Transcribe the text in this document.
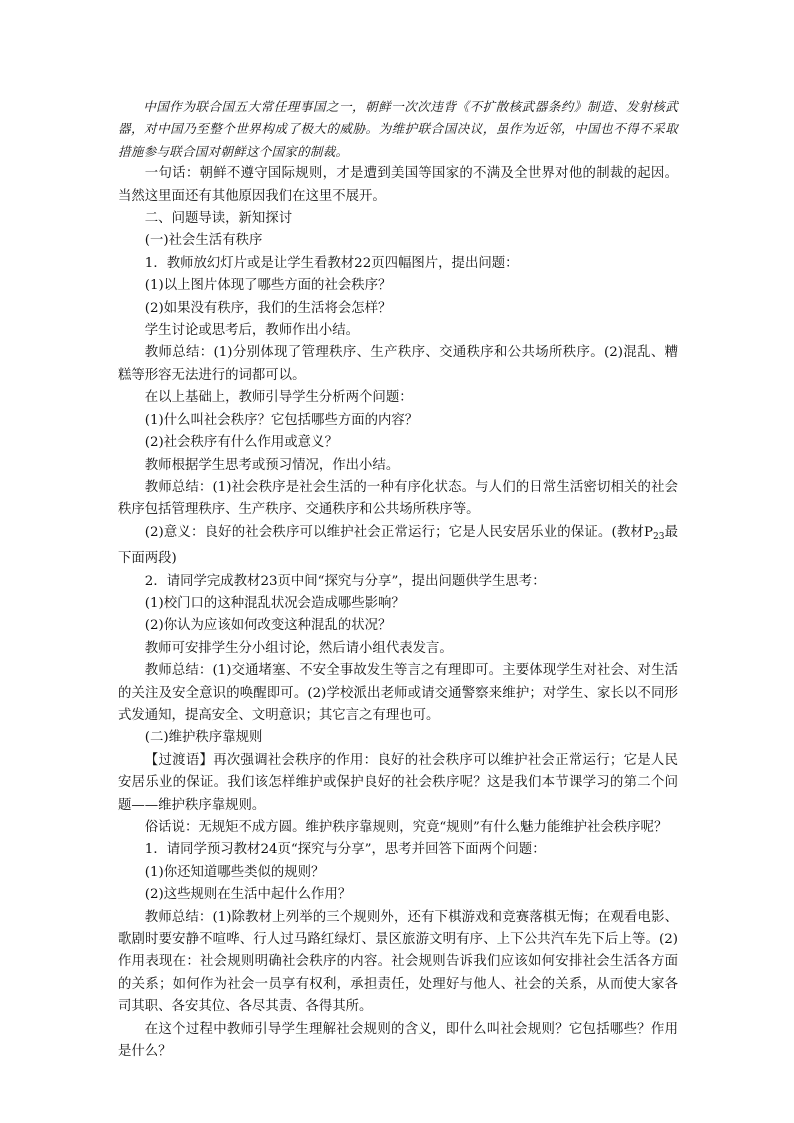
中国作为联合国五大常任理事国之一，朝鲜一次次违背《不扩散核武器条约》制造、发射核武器，对中国乃至整个世界构成了极大的威胁。为维护联合国决议，虽作为近邻，中国也不得不采取措施参与联合国对朝鲜这个国家的制裁。

一句话：朝鲜不遵守国际规则，才是遭到美国等国家的不满及全世界对他的制裁的起因。当然这里面还有其他原因我们在这里不展开。

二、问题导读，新知探讨

(一)社会生活有秩序

1．教师放幻灯片或是让学生看教材22页四幅图片，提出问题：

(1)以上图片体现了哪些方面的社会秩序？

(2)如果没有秩序，我们的生活将会怎样？

学生讨论或思考后，教师作出小结。

教师总结：(1)分别体现了管理秩序、生产秩序、交通秩序和公共场所秩序。(2)混乱、糟糕等形容无法进行的词都可以。

在以上基础上，教师引导学生分析两个问题：

(1)什么叫社会秩序？它包括哪些方面的内容？

(2)社会秩序有什么作用或意义？

教师根据学生思考或预习情况，作出小结。

教师总结：(1)社会秩序是社会生活的一种有序化状态。与人们的日常生活密切相关的社会秩序包括管理秩序、生产秩序、交通秩序和公共场所秩序等。

(2)意义：良好的社会秩序可以维护社会正常运行；它是人民安居乐业的保证。(教材$P_{23}$最下面两段)

2．请同学完成教材23页中间“探究与分享”，提出问题供学生思考：

(1)校门口的这种混乱状况会造成哪些影响？

(2)你认为应该如何改变这种混乱的状况？

教师可安排学生分小组讨论，然后请小组代表发言。

教师总结：(1)交通堵塞、不安全事故发生等言之有理即可。主要体现学生对社会、对生活的关注及安全意识的唤醒即可。(2)学校派出老师或请交通警察来维护；对学生、家长以不同形式发通知，提高安全、文明意识；其它言之有理也可。

(二)维护秩序靠规则

【过渡语】再次强调社会秩序的作用：良好的社会秩序可以维护社会正常运行；它是人民安居乐业的保证。我们该怎样维护或保护良好的社会秩序呢？这是我们本节课学习的第二个问题——维护秩序靠规则。

俗话说：无规矩不成方圆。维护秩序靠规则，究竟“规则”有什么魅力能维护社会秩序呢？

1．请同学预习教材24页“探究与分享”，思考并回答下面两个问题：

(1)你还知道哪些类似的规则？

(2)这些规则在生活中起什么作用？

教师总结：(1)除教材上列举的三个规则外，还有下棋游戏和竞赛落棋无悔；在观看电影、歌剧时要安静不喧哗、行人过马路红绿灯、景区旅游文明有序、上下公共汽车先下后上等。(2)作用表现在：社会规则明确社会秩序的内容。社会规则告诉我们应该如何安排社会生活各方面的关系；如何作为社会一员享有权利，承担责任，处理好与他人、社会的关系，从而使大家各司其职、各安其位、各尽其责、各得其所。

在这个过程中教师引导学生理解社会规则的含义，即什么叫社会规则？它包括哪些？作用是什么？
